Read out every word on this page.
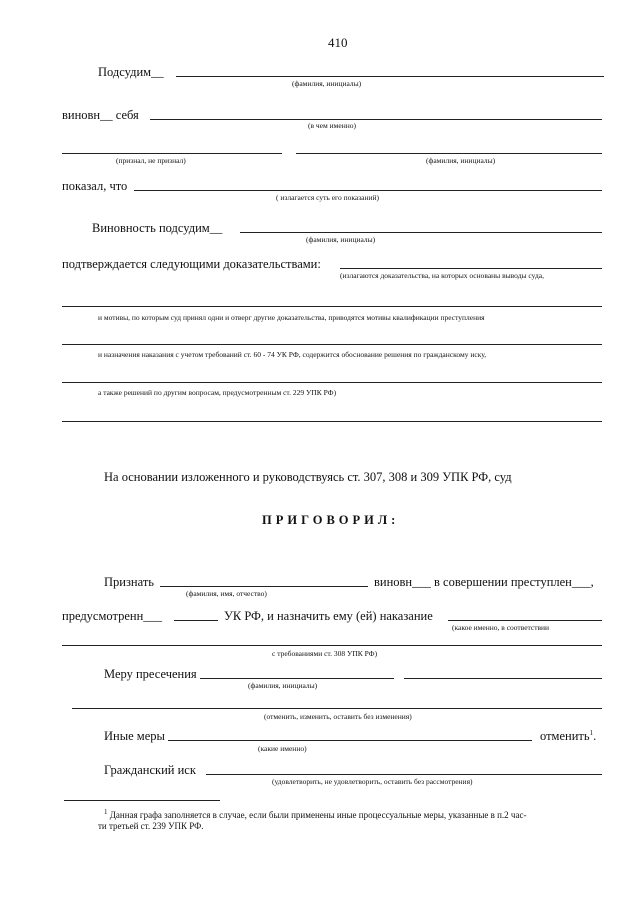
410
Подсудим__
(фамилия, инициалы)
виновн__ себя
(в чем именно)
(признал, не признал)	(фамилия, инициалы)
показал, что
( излагается суть его показаний)
Виновность подсудим__
(фамилия, инициалы)
подтверждается следующими доказательствами:
(излагаются доказательства, на которых основаны выводы суда,
и мотивы, по которым суд принял одни и отверг другие доказательства, приводятся мотивы квалификации преступления
и назначения наказания с учетом требований ст. 60 - 74 УК РФ, содержится обоснование решения по гражданскому иску,
а также решений по другим вопросам, предусмотренным ст. 229 УПК РФ)
На основании изложенного и руководствуясь ст. 307, 308 и 309 УПК РФ, суд
ПРИГОВОРИЛ:
Признать	виновн___ в совершении преступлен___,
(фамилия, имя, отчество)
предусмотренн___	УК РФ, и назначить ему (ей) наказание
(какое именно, в соответствии
с требованиями ст. 308 УПК РФ)
Меру пресечения
(фамилия, инициалы)
(отменить, изменить, оставить без изменения)
Иные меры	отменить$^1$.
(какие именно)
Гражданский иск
(удовлетворить, не удовлетворить, оставить без рассмотрения)
$^1$ Данная графа заполняется в случае, если были применены иные процессуальные меры, указанные в п.2 час-
ти третьей ст. 239 УПК РФ.
